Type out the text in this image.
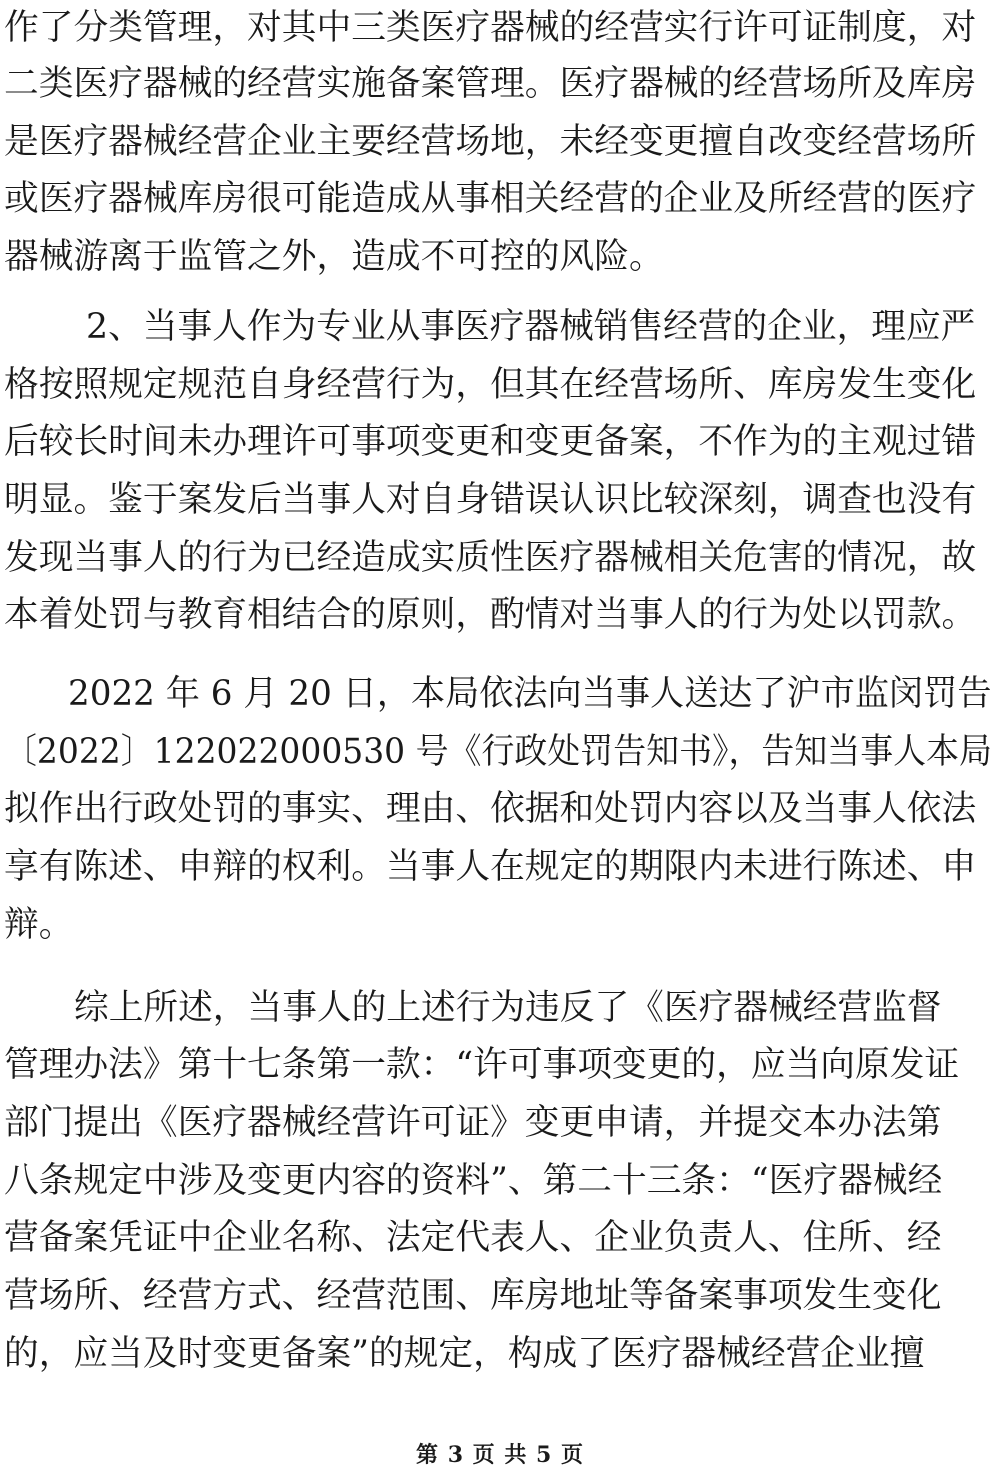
作了分类管理，对其中三类医疗器械的经营实行许可证制度，对
二类医疗器械的经营实施备案管理。医疗器械的经营场所及库房
是医疗器械经营企业主要经营场地，未经变更擅自改变经营场所
或医疗器械库房很可能造成从事相关经营的企业及所经营的医疗
器械游离于监管之外，造成不可控的风险。
2、当事人作为专业从事医疗器械销售经营的企业，理应严
格按照规定规范自身经营行为，但其在经营场所、库房发生变化
后较长时间未办理许可事项变更和变更备案，不作为的主观过错
明显。鉴于案发后当事人对自身错误认识比较深刻，调查也没有
发现当事人的行为已经造成实质性医疗器械相关危害的情况，故
本着处罚与教育相结合的原则，酌情对当事人的行为处以罚款。
2022 年 6 月 20 日，本局依法向当事人送达了沪市监闵罚告
〔2022〕122022000530 号《行政处罚告知书》，告知当事人本局
拟作出行政处罚的事实、理由、依据和处罚内容以及当事人依法
享有陈述、申辩的权利。当事人在规定的期限内未进行陈述、申
辩。
综上所述，当事人的上述行为违反了《医疗器械经营监督
管理办法》第十七条第一款：“许可事项变更的，应当向原发证
部门提出《医疗器械经营许可证》变更申请，并提交本办法第
八条规定中涉及变更内容的资料”、第二十三条：“医疗器械经
营备案凭证中企业名称、法定代表人、企业负责人、住所、经
营场所、经营方式、经营范围、库房地址等备案事项发生变化
的，应当及时变更备案”的规定，构成了医疗器械经营企业擅
第 3 页 共 5 页
